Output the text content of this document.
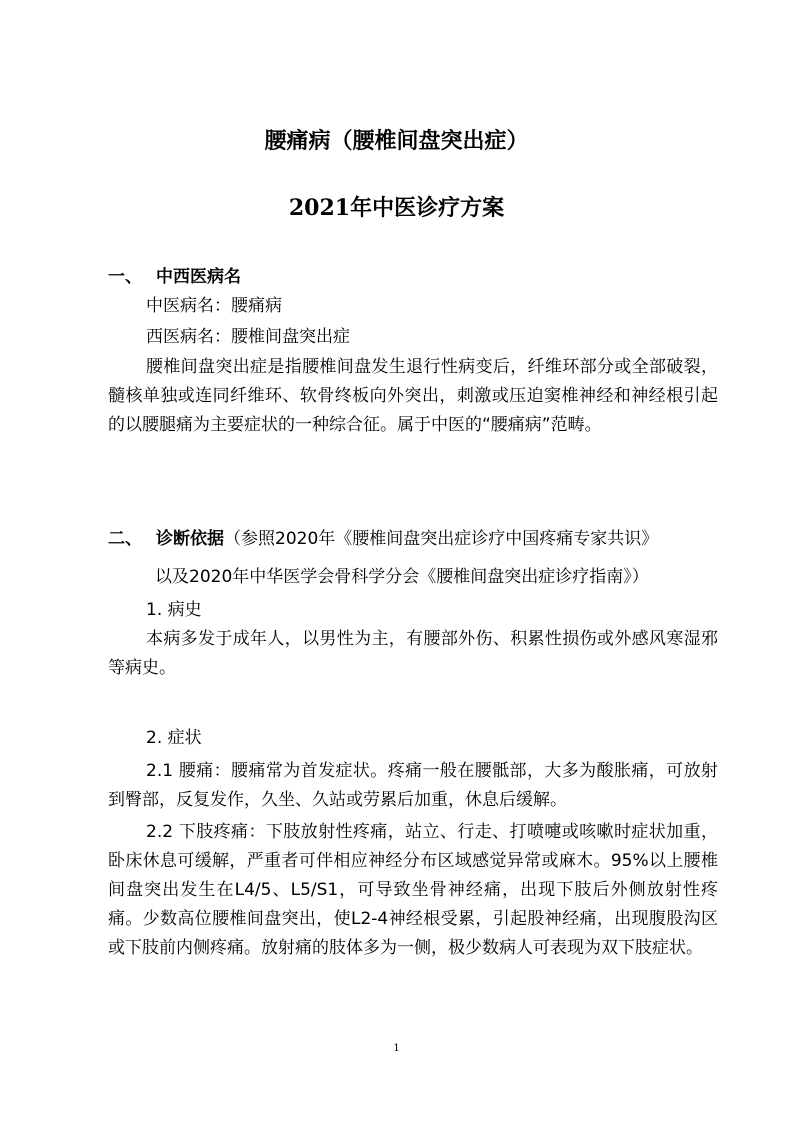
腰痛病（腰椎间盘突出症）
2021年中医诊疗方案
一、 中西医病名
中医病名：腰痛病
西医病名：腰椎间盘突出症
腰椎间盘突出症是指腰椎间盘发生退行性病变后，纤维环部分或全部破裂，髓核单独或连同纤维环、软骨终板向外突出，刺激或压迫窦椎神经和神经根引起的以腰腿痛为主要症状的一种综合征。属于中医的“腰痛病”范畴。
二、 诊断依据（参照2020年《腰椎间盘突出症诊疗中国疼痛专家共识》
以及2020年中华医学会骨科学分会《腰椎间盘突出症诊疗指南》）
1. 病史
本病多发于成年人，以男性为主，有腰部外伤、积累性损伤或外感风寒湿邪等病史。
2. 症状
2.1 腰痛：腰痛常为首发症状。疼痛一般在腰骶部，大多为酸胀痛，可放射到臀部，反复发作，久坐、久站或劳累后加重，休息后缓解。
2.2 下肢疼痛：下肢放射性疼痛，站立、行走、打喷嚏或咳嗽时症状加重，卧床休息可缓解，严重者可伴相应神经分布区域感觉异常或麻木。95%以上腰椎间盘突出发生在L4/5、L5/S1，可导致坐骨神经痛，出现下肢后外侧放射性疼痛。少数高位腰椎间盘突出，使L2-4神经根受累，引起股神经痛，出现腹股沟区或下肢前内侧疼痛。放射痛的肢体多为一侧，极少数病人可表现为双下肢症状。
1
